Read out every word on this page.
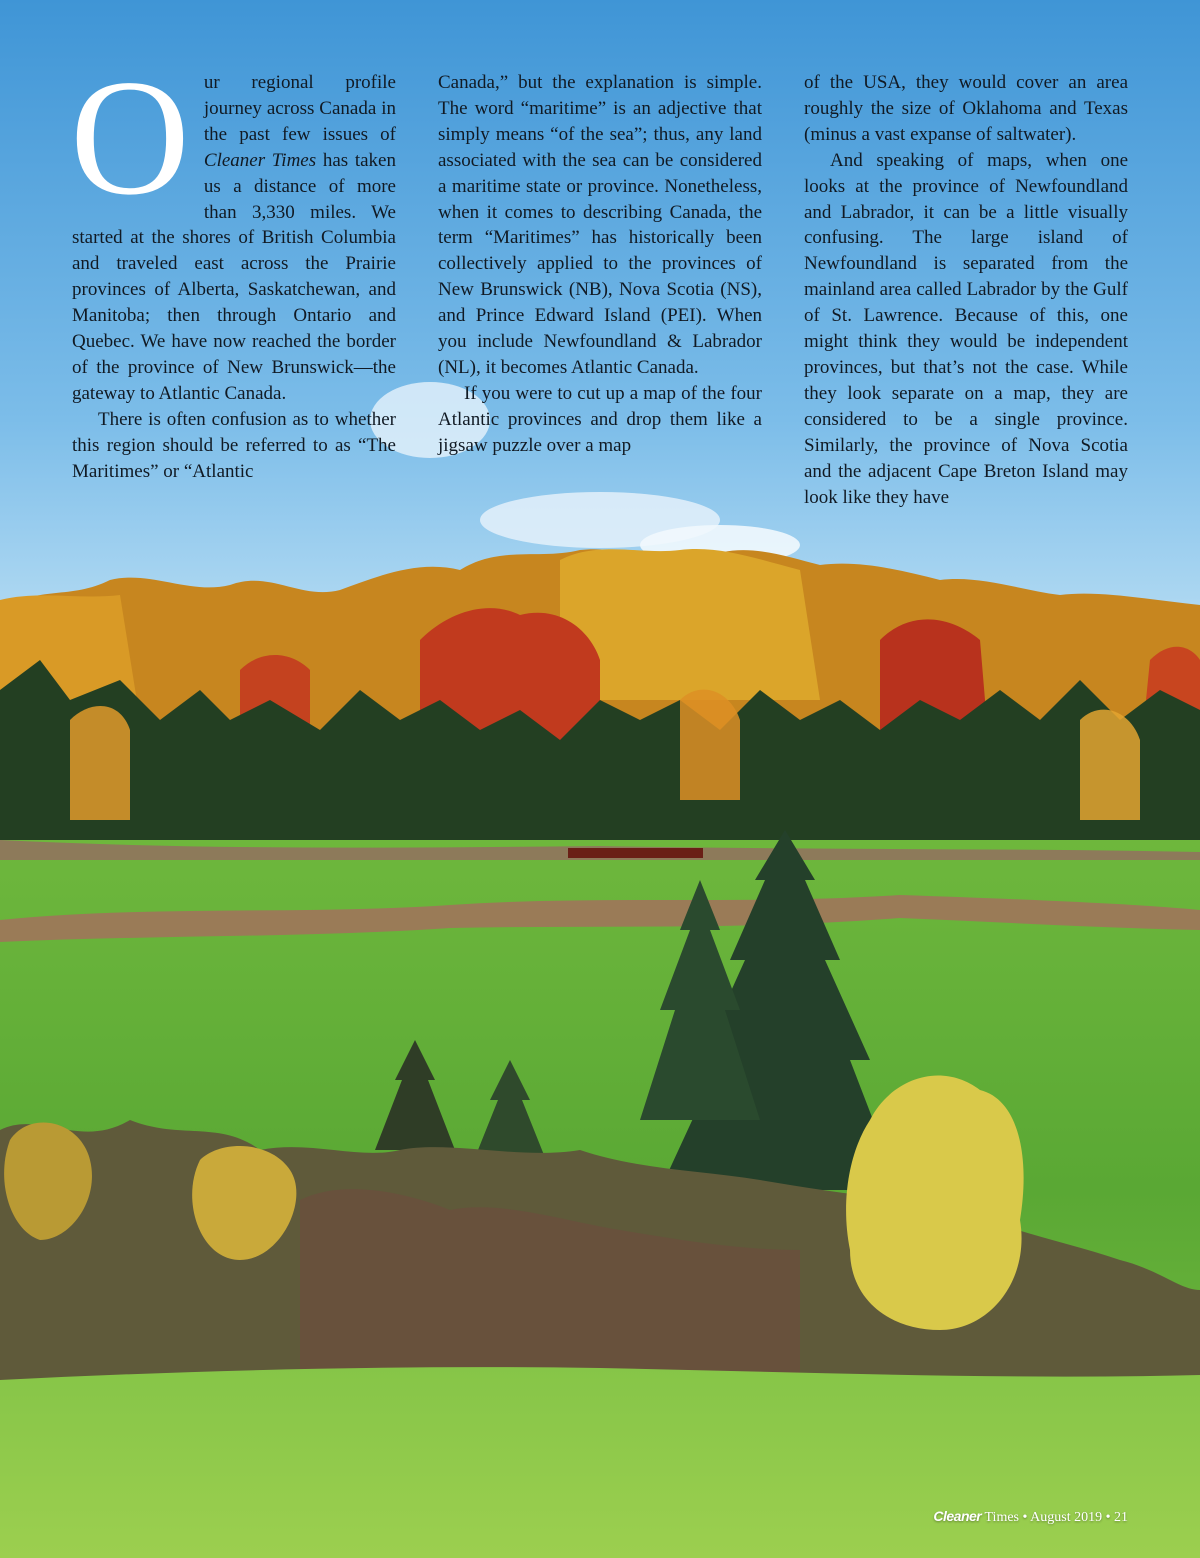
Our regional profile journey across Canada in the past few issues of Cleaner Times has taken us a distance of more than 3,330 miles. We started at the shores of British Columbia and traveled east across the Prairie provinces of Alberta, Saskatchewan, and Manitoba; then through Ontario and Quebec. We have now reached the border of the province of New Brunswick—the gateway to Atlantic Canada.

There is often confusion as to whether this region should be referred to as “The Maritimes” or “Atlantic

Canada,” but the explanation is simple. The word “maritime” is an adjective that simply means “of the sea”; thus, any land associated with the sea can be considered a maritime state or province. Nonetheless, when it comes to describing Canada, the term “Maritimes” has historically been collectively applied to the provinces of New Brunswick (NB), Nova Scotia (NS), and Prince Edward Island (PEI). When you include Newfoundland & Labrador (NL), it becomes Atlantic Canada.

If you were to cut up a map of the four Atlantic provinces and drop them like a jigsaw puzzle over a map

of the USA, they would cover an area roughly the size of Oklahoma and Texas (minus a vast expanse of saltwater).

And speaking of maps, when one looks at the province of Newfoundland and Labrador, it can be a little visually confusing. The large island of Newfoundland is separated from the mainland area called Labrador by the Gulf of St. Lawrence. Because of this, one might think they would be independent provinces, but that’s not the case. While they look separate on a map, they are considered to be a single province. Similarly, the province of Nova Scotia and the adjacent Cape Breton Island may look like they have

Cleaner Times • August 2019 • 21
